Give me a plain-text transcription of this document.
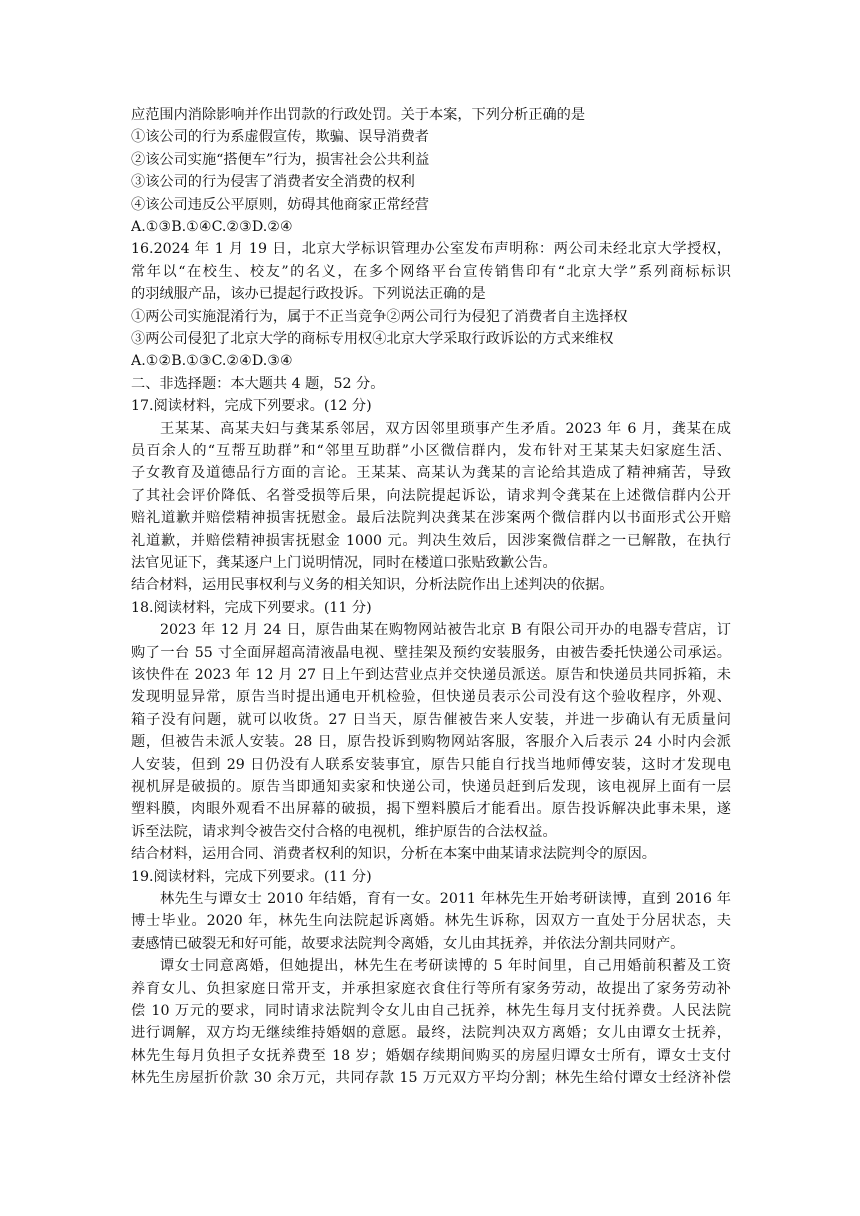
应范围内消除影响并作出罚款的行政处罚。关于本案，下列分析正确的是
①该公司的行为系虚假宣传，欺骗、误导消费者
②该公司实施“搭便车”行为，损害社会公共利益
③该公司的行为侵害了消费者安全消费的权利
④该公司违反公平原则，妨碍其他商家正常经营
A.①③B.①④C.②③D.②④
16.2024 年 1 月 19 日，北京大学标识管理办公室发布声明称：两公司未经北京大学授权，
常年以“在校生、校友”的名义，在多个网络平台宣传销售印有“北京大学”系列商标标识
的羽绒服产品，该办已提起行政投诉。下列说法正确的是
①两公司实施混淆行为，属于不正当竞争②两公司行为侵犯了消费者自主选择权
③两公司侵犯了北京大学的商标专用权④北京大学采取行政诉讼的方式来维权
A.①②B.①③C.②④D.③④
二、非选择题：本大题共 4 题，52 分。
17.阅读材料，完成下列要求。(12 分)
王某某、高某夫妇与龚某系邻居，双方因邻里琐事产生矛盾。2023 年 6 月，龚某在成
员百余人的“互帮互助群”和“邻里互助群”小区微信群内，发布针对王某某夫妇家庭生活、
子女教育及道德品行方面的言论。王某某、高某认为龚某的言论给其造成了精神痛苦，导致
了其社会评价降低、名誉受损等后果，向法院提起诉讼，请求判令龚某在上述微信群内公开
赔礼道歉并赔偿精神损害抚慰金。最后法院判决龚某在涉案两个微信群内以书面形式公开赔
礼道歉，并赔偿精神损害抚慰金 1000 元。判决生效后，因涉案微信群之一已解散，在执行
法官见证下，龚某逐户上门说明情况，同时在楼道口张贴致歉公告。
结合材料，运用民事权利与义务的相关知识，分析法院作出上述判决的依据。
18.阅读材料，完成下列要求。(11 分)
2023 年 12 月 24 日，原告曲某在购物网站被告北京 B 有限公司开办的电器专营店，订
购了一台 55 寸全面屏超高清液晶电视、壁挂架及预约安装服务，由被告委托快递公司承运。
该快件在 2023 年 12 月 27 日上午到达营业点并交快递员派送。原告和快递员共同拆箱，未
发现明显异常，原告当时提出通电开机检验，但快递员表示公司没有这个验收程序，外观、
箱子没有问题，就可以收货。27 日当天，原告催被告来人安装，并进一步确认有无质量问
题，但被告未派人安装。28 日，原告投诉到购物网站客服，客服介入后表示 24 小时内会派
人安装，但到 29 日仍没有人联系安装事宜，原告只能自行找当地师傅安装，这时才发现电
视机屏是破损的。原告当即通知卖家和快递公司，快递员赶到后发现，该电视屏上面有一层
塑料膜，肉眼外观看不出屏幕的破损，揭下塑料膜后才能看出。原告投诉解决此事未果，遂
诉至法院，请求判令被告交付合格的电视机，维护原告的合法权益。
结合材料，运用合同、消费者权利的知识，分析在本案中曲某请求法院判令的原因。
19.阅读材料，完成下列要求。(11 分)
林先生与谭女士 2010 年结婚，育有一女。2011 年林先生开始考研读博，直到 2016 年
博士毕业。2020 年，林先生向法院起诉离婚。林先生诉称，因双方一直处于分居状态，夫
妻感情已破裂无和好可能，故要求法院判令离婚，女儿由其抚养，并依法分割共同财产。
谭女士同意离婚，但她提出，林先生在考研读博的 5 年时间里，自己用婚前积蓄及工资
养育女儿、负担家庭日常开支，并承担家庭衣食住行等所有家务劳动，故提出了家务劳动补
偿 10 万元的要求，同时请求法院判令女儿由自己抚养，林先生每月支付抚养费。人民法院
进行调解，双方均无继续维持婚姻的意愿。最终，法院判决双方离婚；女儿由谭女士抚养，
林先生每月负担子女抚养费至 18 岁；婚姻存续期间购买的房屋归谭女士所有，谭女士支付
林先生房屋折价款 30 余万元，共同存款 15 万元双方平均分割；林先生给付谭女士经济补偿
